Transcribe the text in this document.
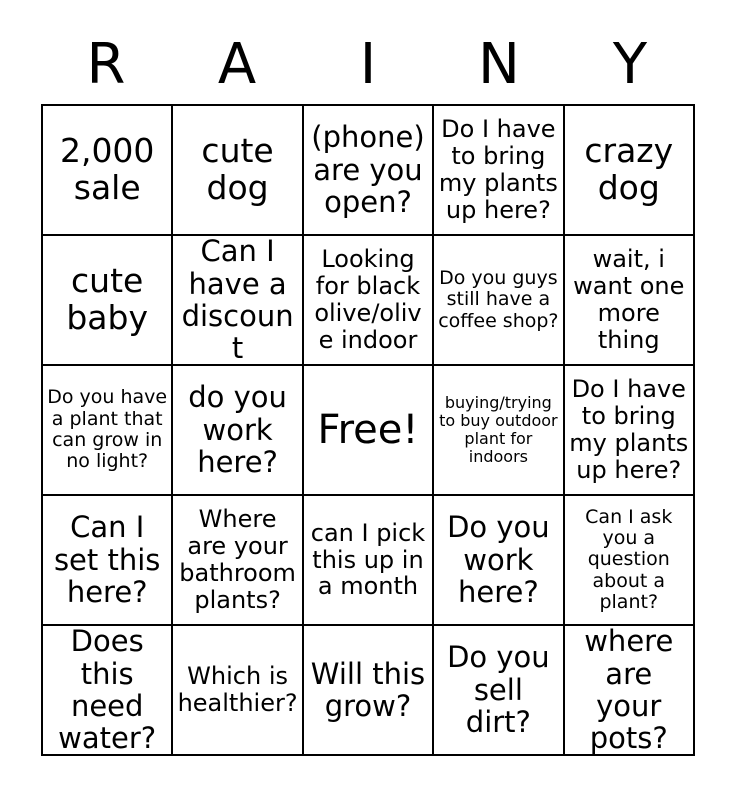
R	A	I	N	Y
2,000 sale
cute dog
(phone) are you open?
Do I have to bring my plants up here?
crazy dog
cute baby
Can I have a discount
Looking for black olive/olive indoor
Do you guys still have a coffee shop?
wait, i want one more thing
Do you have a plant that can grow in no light?
do you work here?
Free!
buying/trying to buy outdoor plant for indoors
Do I have to bring my plants up here?
Can I set this here?
Where are your bathroom plants?
can I pick this up in a month
Do you work here?
Can I ask you a question about a plant?
Does this need water?
Which is healthier?
Will this grow?
Do you sell dirt?
where are your pots?
